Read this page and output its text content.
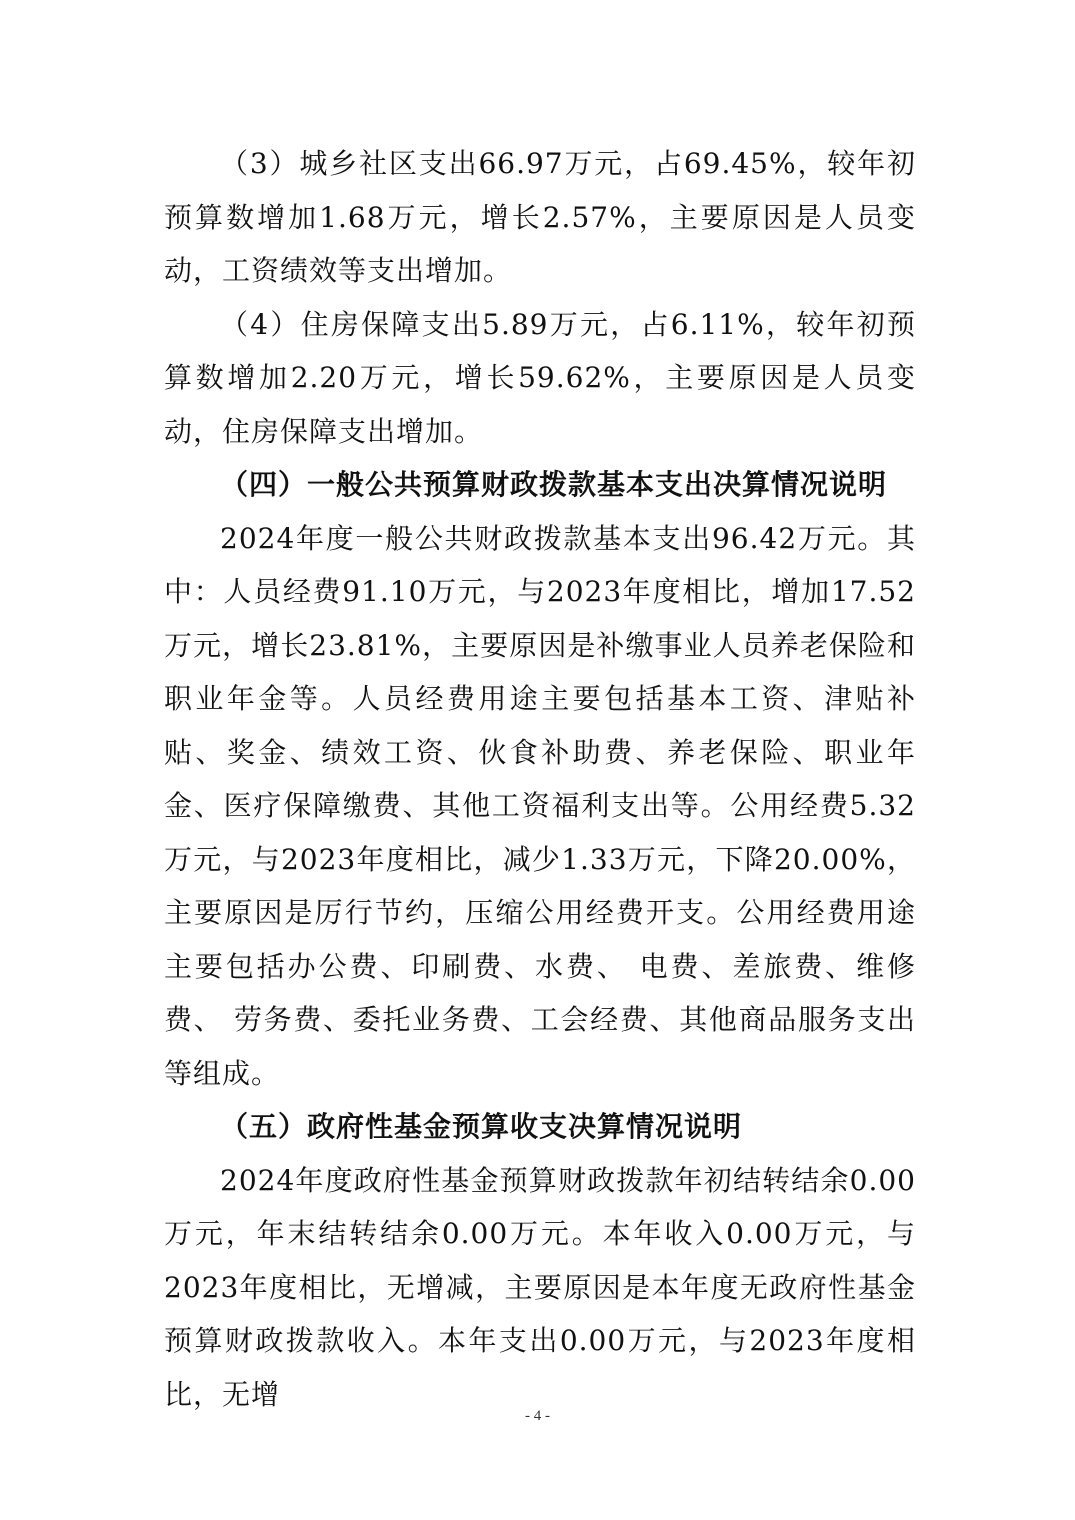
（3）城乡社区支出66.97万元，占69.45%，较年初预算数增加1.68万元，增长2.57%，主要原因是人员变动，工资绩效等支出增加。

（4）住房保障支出5.89万元，占6.11%，较年初预算数增加2.20万元，增长59.62%，主要原因是人员变动，住房保障支出增加。

（四）一般公共预算财政拨款基本支出决算情况说明

2024年度一般公共财政拨款基本支出96.42万元。其中：人员经费91.10万元，与2023年度相比，增加17.52万元，增长23.81%，主要原因是补缴事业人员养老保险和职业年金等。人员经费用途主要包括基本工资、津贴补贴、奖金、绩效工资、伙食补助费、养老保险、职业年金、医疗保障缴费、其他工资福利支出等。公用经费5.32万元，与2023年度相比，减少1.33万元，下降20.00%，主要原因是厉行节约，压缩公用经费开支。公用经费用途主要包括办公费、印刷费、水费、 电费、差旅费、维修费、 劳务费、委托业务费、工会经费、其他商品服务支出等组成。

（五）政府性基金预算收支决算情况说明

2024年度政府性基金预算财政拨款年初结转结余0.00万元，年末结转结余0.00万元。本年收入0.00万元，与2023年度相比，无增减，主要原因是本年度无政府性基金预算财政拨款收入。本年支出0.00万元，与2023年度相比，无增

- 4 -
